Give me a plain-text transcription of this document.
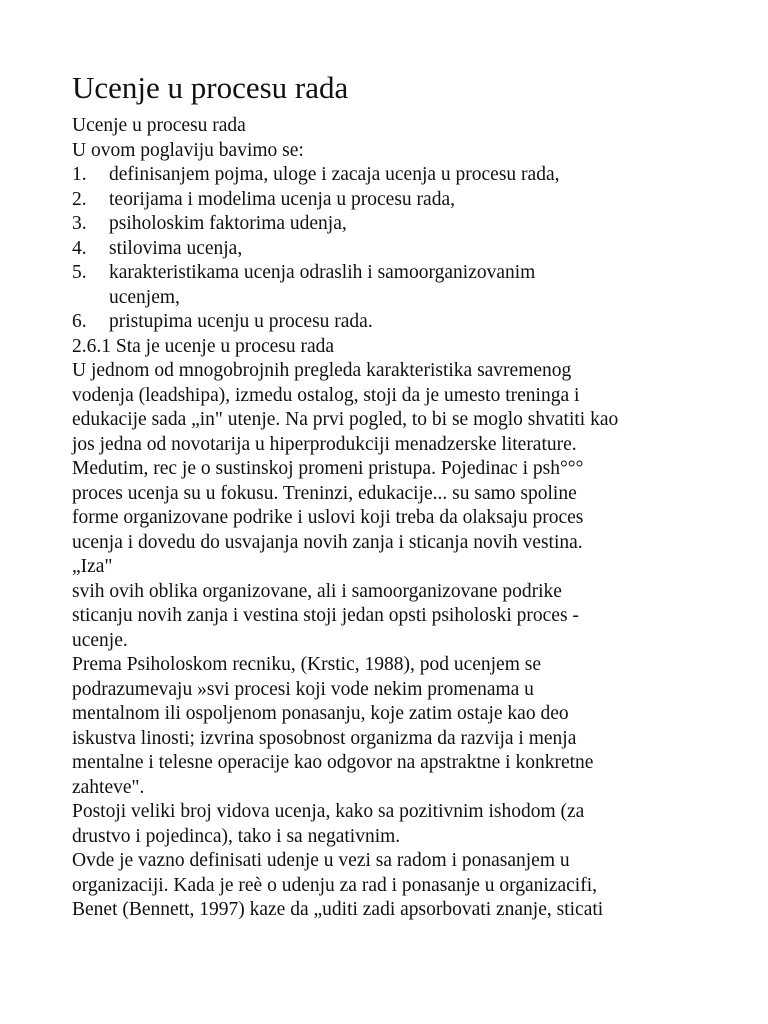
Ucenje u procesu rada
Ucenje u procesu rada
U ovom poglaviju bavimo se:
1. definisanjem pojma, uloge i zacaja ucenja u procesu rada,
2. teorijama i modelima ucenja u procesu rada,
3. psiholoskim faktorima udenja,
4. stilovima ucenja,
5. karakteristikama ucenja odraslih i samoorganizovanim
ucenjem,
6. pristupima ucenju u procesu rada.
2.6.1 Sta je ucenje u procesu rada
U jednom od mnogobrojnih pregleda karakteristika savremenog
vodenja (leadshipa), izmedu ostalog, stoji da je umesto treninga i
edukacije sada „in" utenje. Na prvi pogled, to bi se moglo shvatiti kao
jos jedna od novotarija u hiperprodukciji menadzerske literature.
Medutim, rec je o sustinskoj promeni pristupa. Pojedinac i psh°°°
proces ucenja su u fokusu. Treninzi, edukacije... su samo spoline
forme organizovane podrike i uslovi koji treba da olaksaju proces
ucenja i dovedu do usvajanja novih zanja i sticanja novih vestina.
„Iza"
svih ovih oblika organizovane, ali i samoorganizovane podrike
sticanju novih zanja i vestina stoji jedan opsti psiholoski proces -
ucenje.
Prema Psiholoskom recniku, (Krstic, 1988), pod ucenjem se
podrazumevaju »svi procesi koji vode nekim promenama u
mentalnom ili ospoljenom ponasanju, koje zatim ostaje kao deo
iskustva linosti; izvrina sposobnost organizma da razvija i menja
mentalne i telesne operacije kao odgovor na apstraktne i konkretne
zahteve".
Postoji veliki broj vidova ucenja, kako sa pozitivnim ishodom (za
drustvo i pojedinca), tako i sa negativnim.
Ovde je vazno definisati udenje u vezi sa radom i ponasanjem u
organizaciji. Kada je reè o udenju za rad i ponasanje u organizacifi,
Benet (Bennett, 1997) kaze da „uditi zadi apsorbovati znanje, sticati
